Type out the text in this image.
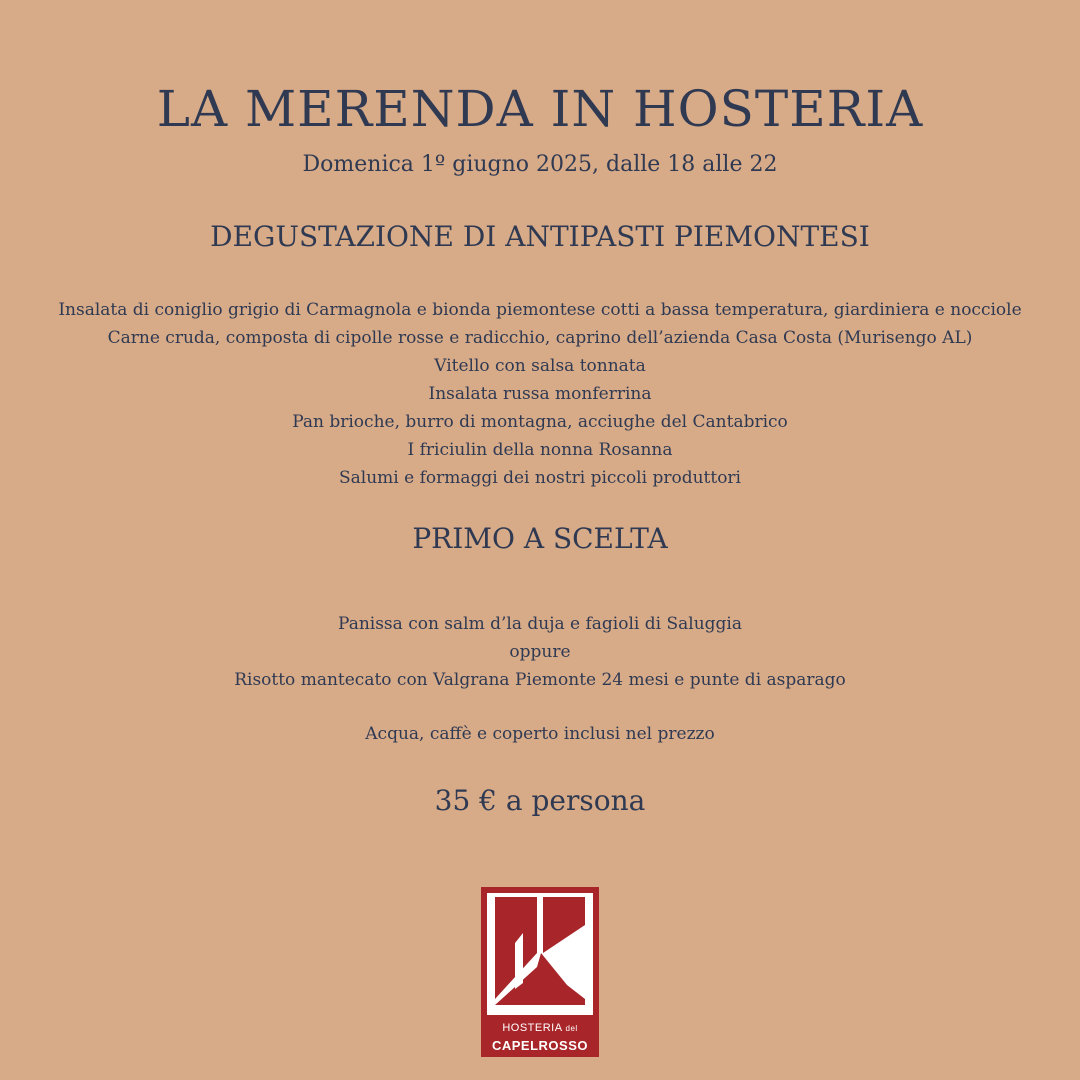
LA MERENDA IN HOSTERIA
Domenica 1º giugno 2025, dalle 18 alle 22
DEGUSTAZIONE DI ANTIPASTI PIEMONTESI
Insalata di coniglio grigio di Carmagnola e bionda piemontese cotti a bassa temperatura, giardiniera e nocciole
Carne cruda, composta di cipolle rosse e radicchio, caprino dell’azienda Casa Costa (Murisengo AL)
Vitello con salsa tonnata
Insalata russa monferrina
Pan brioche, burro di montagna, acciughe del Cantabrico
I friciulin della nonna Rosanna
Salumi e formaggi dei nostri piccoli produttori
PRIMO A SCELTA
Panissa con salm d’la duja e fagioli di Saluggia
oppure
Risotto mantecato con Valgrana Piemonte 24 mesi e punte di asparago
Acqua, caffè e coperto inclusi nel prezzo
35 € a persona
HOSTERIA del
CAPELROSSO
